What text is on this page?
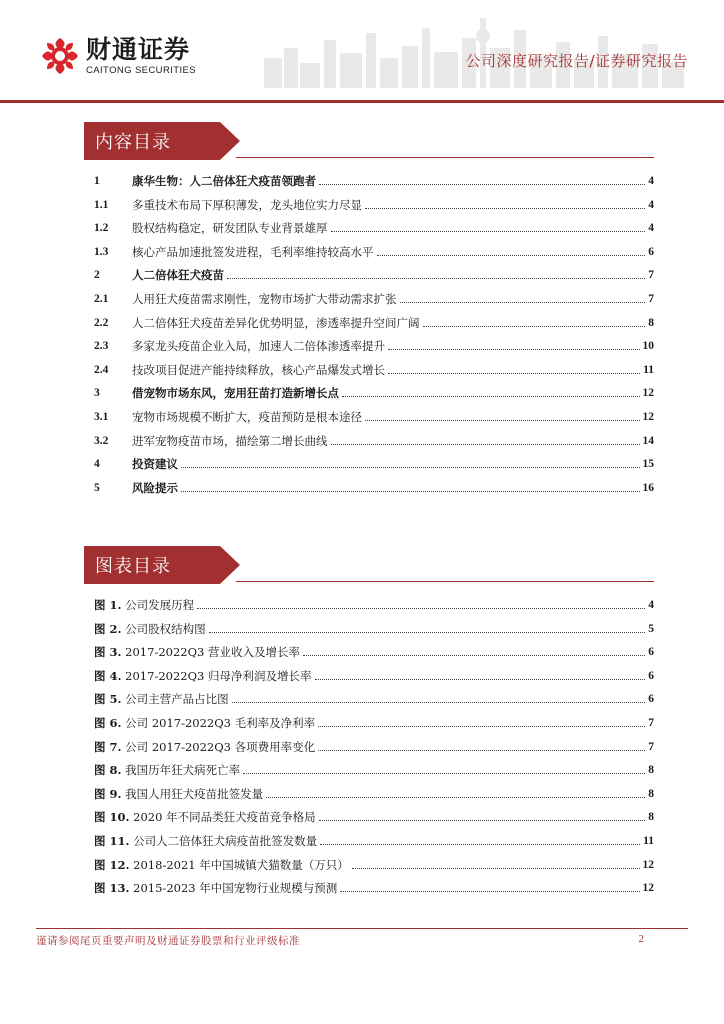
财通证券
CAITONG SECURITIES	公司深度研究报告/证券研究报告
内容目录
1	康华生物：人二倍体狂犬疫苗领跑者	4
1.1	多重技术布局下厚积薄发，龙头地位实力尽显	4
1.2	股权结构稳定，研发团队专业背景雄厚	4
1.3	核心产品加速批签发进程，毛利率维持较高水平	6
2	人二倍体狂犬疫苗	7
2.1	人用狂犬疫苗需求刚性，宠物市场扩大带动需求扩张	7
2.2	人二倍体狂犬疫苗差异化优势明显，渗透率提升空间广阔	8
2.3	多家龙头疫苗企业入局，加速人二倍体渗透率提升	10
2.4	技改项目促进产能持续释放，核心产品爆发式增长	11
3	借宠物市场东风，宠用狂苗打造新增长点	12
3.1	宠物市场规模不断扩大，疫苗预防是根本途径	12
3.2	进军宠物疫苗市场，描绘第二增长曲线	14
4	投资建议	15
5	风险提示	16
图表目录
图 1. 公司发展历程	4
图 2. 公司股权结构图	5
图 3. 2017-2022Q3 营业收入及增长率	6
图 4. 2017-2022Q3 归母净利润及增长率	6
图 5. 公司主营产品占比图	6
图 6. 公司 2017-2022Q3 毛利率及净利率	7
图 7. 公司 2017-2022Q3 各项费用率变化	7
图 8. 我国历年狂犬病死亡率	8
图 9. 我国人用狂犬疫苗批签发量	8
图 10. 2020 年不同品类狂犬疫苗竞争格局	8
图 11. 公司人二倍体狂犬病疫苗批签发数量	11
图 12. 2018-2021 年中国城镇犬猫数量（万只）	12
图 13. 2015-2023 年中国宠物行业规模与预测	12
谨请参阅尾页重要声明及财通证券股票和行业评级标准	2
